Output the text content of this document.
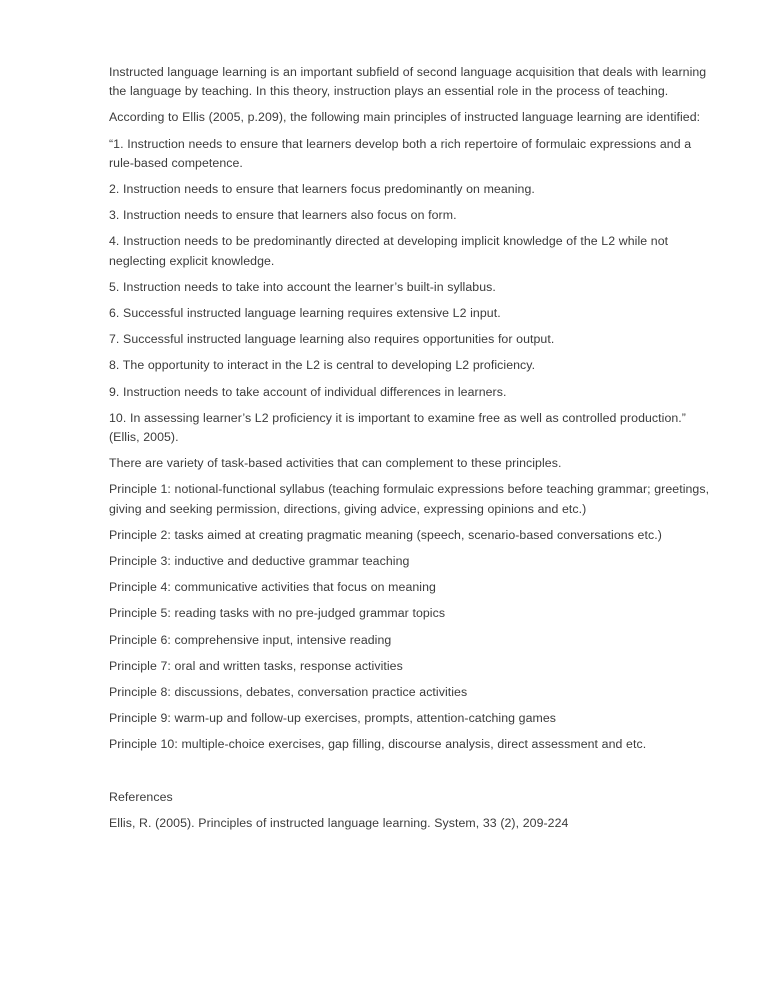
Instructed language learning is an important subfield of second language acquisition that deals with learning the language by teaching. In this theory, instruction plays an essential role in the process of teaching.

According to Ellis (2005, p.209), the following main principles of instructed language learning are identified:

“1. Instruction needs to ensure that learners develop both a rich repertoire of formulaic expressions and a rule-based competence.

2. Instruction needs to ensure that learners focus predominantly on meaning.

3. Instruction needs to ensure that learners also focus on form.

4. Instruction needs to be predominantly directed at developing implicit knowledge of the L2 while not neglecting explicit knowledge.

5. Instruction needs to take into account the learner’s built-in syllabus.

6. Successful instructed language learning requires extensive L2 input.

7. Successful instructed language learning also requires opportunities for output.

8. The opportunity to interact in the L2 is central to developing L2 proficiency.

9. Instruction needs to take account of individual differences in learners.

10. In assessing learner’s L2 proficiency it is important to examine free as well as controlled production.” (Ellis, 2005).

There are variety of task-based activities that can complement to these principles.

Principle 1: notional-functional syllabus (teaching formulaic expressions before teaching grammar; greetings, giving and seeking permission, directions, giving advice, expressing opinions and etc.)

Principle 2: tasks aimed at creating pragmatic meaning (speech, scenario-based conversations etc.)

Principle 3: inductive and deductive grammar teaching

Principle 4: communicative activities that focus on meaning

Principle 5: reading tasks with no pre-judged grammar topics

Principle 6: comprehensive input, intensive reading

Principle 7: oral and written tasks, response activities

Principle 8: discussions, debates, conversation practice activities

Principle 9: warm-up and follow-up exercises, prompts, attention-catching games

Principle 10: multiple-choice exercises, gap filling, discourse analysis, direct assessment and etc.

References

Ellis, R. (2005). Principles of instructed language learning. System, 33 (2), 209-224
